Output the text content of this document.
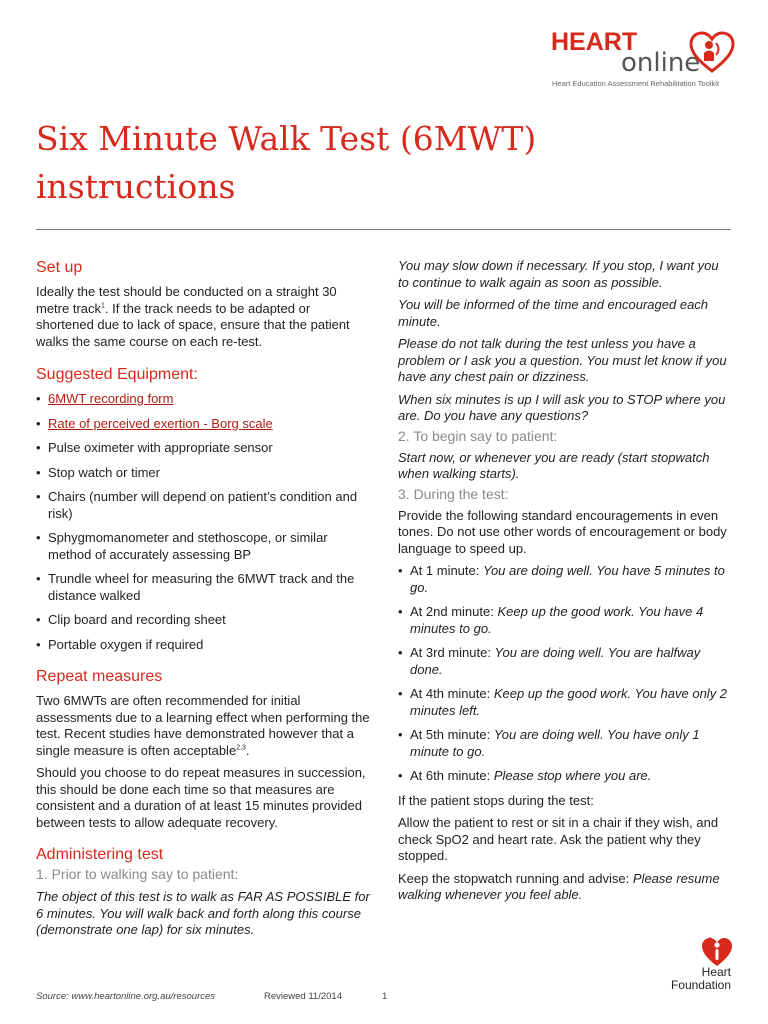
HEART
online
Heart Education Assessment Rehabilitation Toolkit
Six Minute Walk Test (6MWT) instructions
Set up

Ideally the test should be conducted on a straight 30 metre track$^1$. If the track needs to be adapted or shortened due to lack of space, ensure that the patient walks the same course on each re-test.

Suggested Equipment:
• 6MWT recording form
• Rate of perceived exertion - Borg scale
• Pulse oximeter with appropriate sensor
• Stop watch or timer
• Chairs (number will depend on patient’s condition and risk)
• Sphygmomanometer and stethoscope, or similar method of accurately assessing BP
• Trundle wheel for measuring the 6MWT track and the distance walked
• Clip board and recording sheet
• Portable oxygen if required
Repeat measures

Two 6MWTs are often recommended for initial assessments due to a learning effect when performing the test. Recent studies have demonstrated however that a single measure is often acceptable$^{2,3}$.

Should you choose to do repeat measures in succession, this should be done each time so that measures are consistent and a duration of at least 15 minutes provided between tests to allow adequate recovery.

Administering test
1. Prior to walking say to patient:

The object of this test is to walk as FAR AS POSSIBLE for 6 minutes. You will walk back and forth along this course (demonstrate one lap) for six minutes.

You may slow down if necessary. If you stop, I want you to continue to walk again as soon as possible.

You will be informed of the time and encouraged each minute.

Please do not talk during the test unless you have a problem or I ask you a question. You must let know if you have any chest pain or dizziness.

When six minutes is up I will ask you to STOP where you are. Do you have any questions?

2. To begin say to patient:

Start now, or whenever you are ready (start stopwatch when walking starts).

3. During the test:

Provide the following standard encouragements in even tones. Do not use other words of encouragement or body language to speed up.

• At 1 minute: You are doing well. You have 5 minutes to go.
• At 2nd minute: Keep up the good work. You have 4 minutes to go.
• At 3rd minute: You are doing well. You are halfway done.
• At 4th minute: Keep up the good work. You have only 2 minutes left.
• At 5th minute: You are doing well. You have only 1 minute to go.
• At 6th minute: Please stop where you are.

If the patient stops during the test:

Allow the patient to rest or sit in a chair if they wish, and check SpO2 and heart rate. Ask the patient why they stopped.

Keep the stopwatch running and advise: Please resume walking whenever you feel able.

Heart
Foundation
Source: www.heartonline.org.au/resources	Reviewed 11/2014	1
